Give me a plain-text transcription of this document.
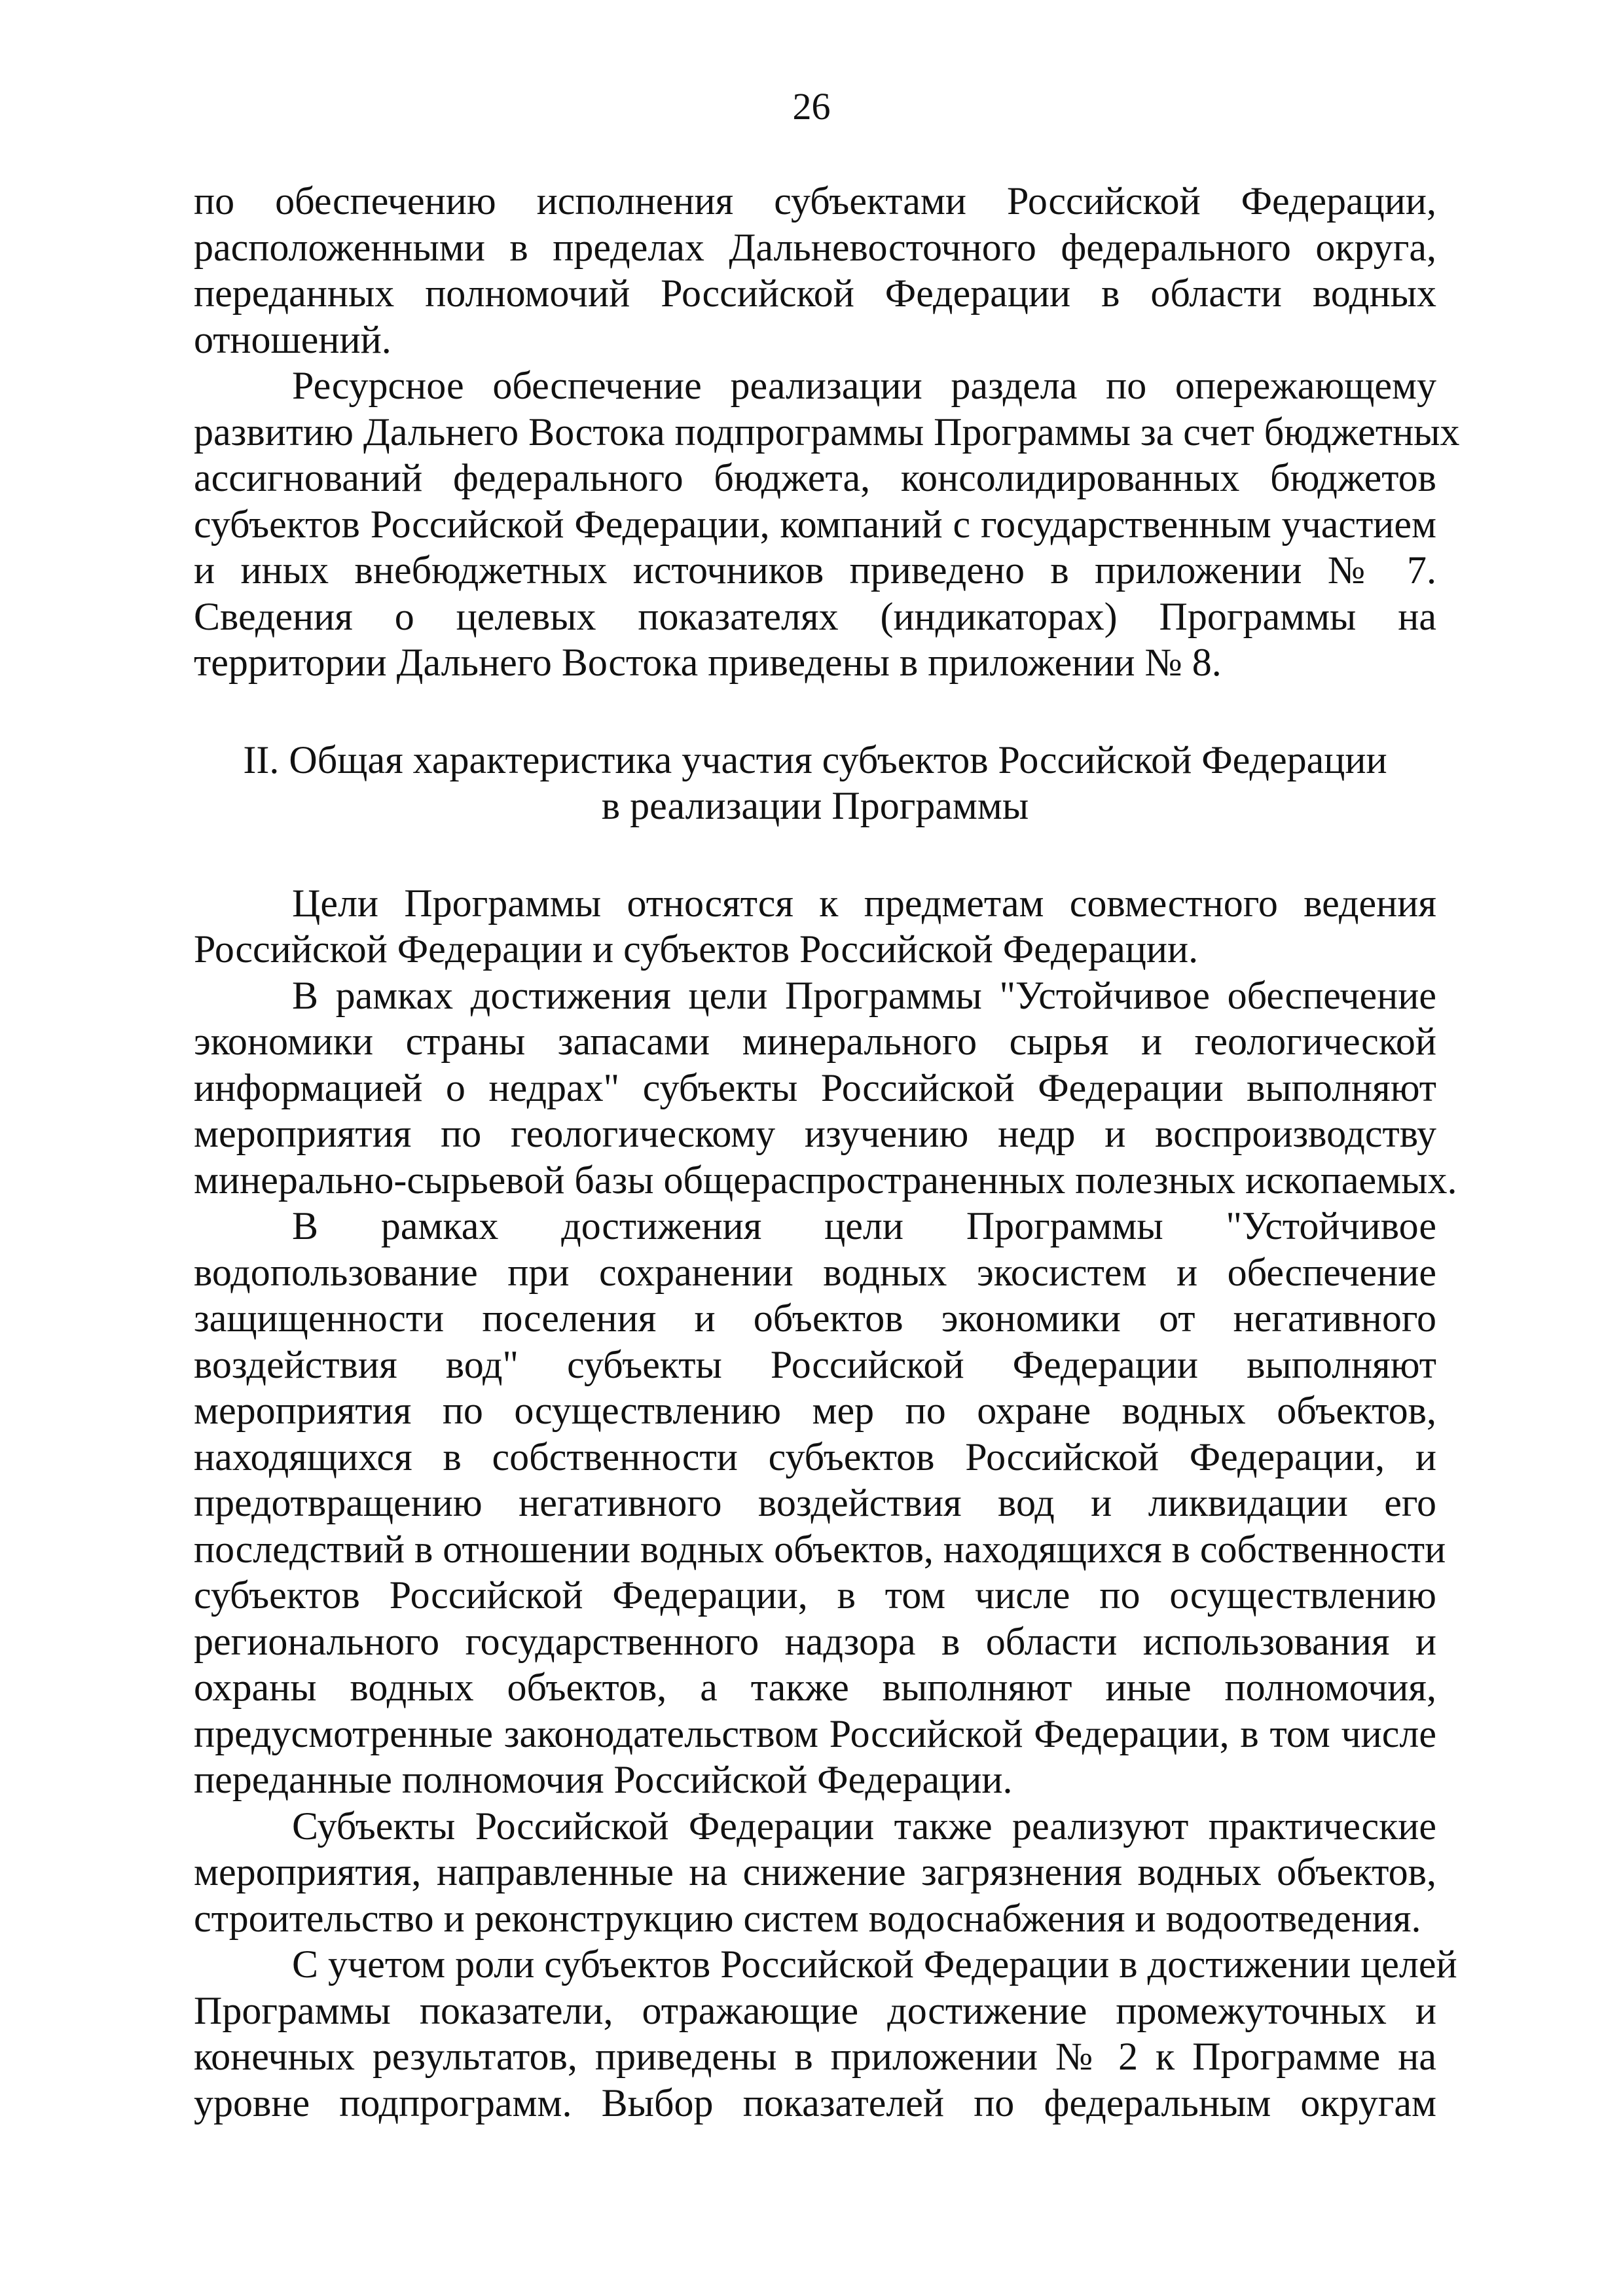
26
по обеспечению исполнения субъектами Российской Федерации,
расположенными в пределах Дальневосточного федерального округа,
переданных полномочий Российской Федерации в области водных
отношений.
Ресурсное обеспечение реализации раздела по опережающему
развитию Дальнего Востока подпрограммы Программы за счет бюджетных
ассигнований федерального бюджета, консолидированных бюджетов
субъектов Российской Федерации, компаний с государственным участием
и иных внебюджетных источников приведено в приложении № 7.
Сведения о целевых показателях (индикаторах) Программы на
территории Дальнего Востока приведены в приложении № 8.
II. Общая характеристика участия субъектов Российской Федерации
в реализации Программы
Цели Программы относятся к предметам совместного ведения
Российской Федерации и субъектов Российской Федерации.
В рамках достижения цели Программы "Устойчивое обеспечение
экономики страны запасами минерального сырья и геологической
информацией о недрах" субъекты Российской Федерации выполняют
мероприятия по геологическому изучению недр и воспроизводству
минерально-сырьевой базы общераспространенных полезных ископаемых.
В рамках достижения цели Программы "Устойчивое
водопользование при сохранении водных экосистем и обеспечение
защищенности поселения и объектов экономики от негативного
воздействия вод" субъекты Российской Федерации выполняют
мероприятия по осуществлению мер по охране водных объектов,
находящихся в собственности субъектов Российской Федерации, и
предотвращению негативного воздействия вод и ликвидации его
последствий в отношении водных объектов, находящихся в собственности
субъектов Российской Федерации, в том числе по осуществлению
регионального государственного надзора в области использования и
охраны водных объектов, а также выполняют иные полномочия,
предусмотренные законодательством Российской Федерации, в том числе
переданные полномочия Российской Федерации.
Субъекты Российской Федерации также реализуют практические
мероприятия, направленные на снижение загрязнения водных объектов,
строительство и реконструкцию систем водоснабжения и водоотведения.
С учетом роли субъектов Российской Федерации в достижении целей
Программы показатели, отражающие достижение промежуточных и
конечных результатов, приведены в приложении № 2 к Программе на
уровне подпрограмм. Выбор показателей по федеральным округам
